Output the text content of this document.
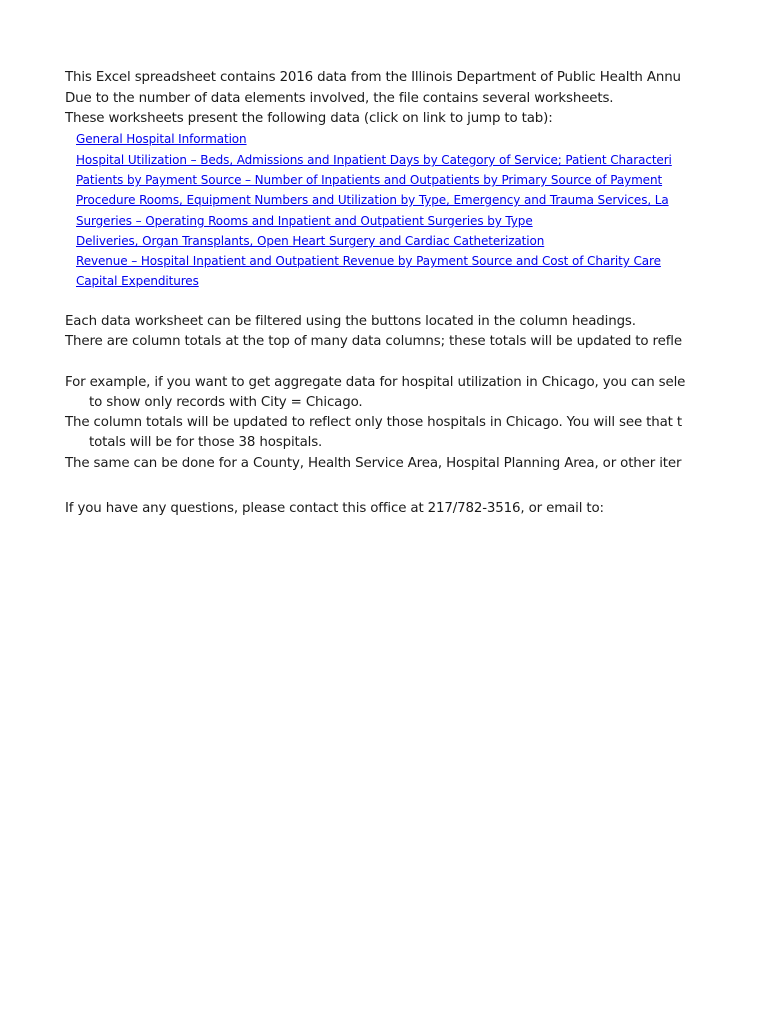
This Excel spreadsheet contains 2016 data from the Illinois Department of Public Health Annu
Due to the number of data elements involved, the file contains several worksheets.
These worksheets present the following data (click on link to jump to tab):
General Hospital Information
Hospital Utilization – Beds, Admissions and Inpatient Days by Category of Service; Patient Characteri
Patients by Payment Source – Number of Inpatients and Outpatients by Primary Source of Payment
Procedure Rooms, Equipment Numbers and Utilization by Type, Emergency and Trauma Services, La
Surgeries – Operating Rooms and Inpatient and Outpatient Surgeries by Type
Deliveries, Organ Transplants, Open Heart Surgery and Cardiac Catheterization
Revenue – Hospital Inpatient and Outpatient Revenue by Payment Source and Cost of Charity Care
Capital Expenditures
Each data worksheet can be filtered using the buttons located in the column headings.
There are column totals at the top of many data columns; these totals will be updated to refle
For example, if you want to get aggregate data for hospital utilization in Chicago, you can sele
to show only records with City = Chicago.
The column totals will be updated to reflect only those hospitals in Chicago. You will see that t
totals will be for those 38 hospitals.
The same can be done for a County, Health Service Area, Hospital Planning Area, or other iter
If you have any questions, please contact this office at 217/782-3516, or email to:
